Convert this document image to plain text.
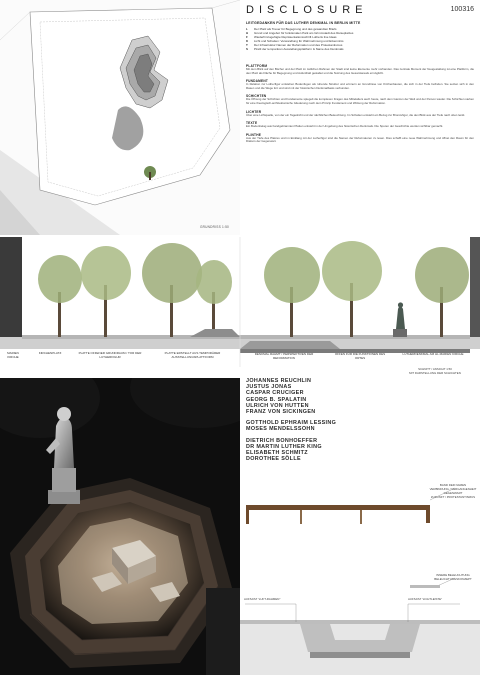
GRUNDRISS 1:50
DISCLOSURE	100316
LEITGEDANKEN FÜR DAS LUTHER DENKMAL IN BERLIN MITTE
L	Der Platz als Treuer für Begegnung und des gewandten Briefs
H	Grund und Angebot für funktionalen Park am Grimmstadt des Reiseplatzes
F	Wiederhinzugefügte Repräsentationsschrift Lutheris line Ideas
K	Licht und Schatten: Verwandlung für Wahrnehmung und Erkenntnis
T	Der Infrastruktur Namen der Reformation und des Protestantismus
S	Pirelli der temporären Ausstellungsplattform & Name des Denkmals
PLATTFORM

Mit dem Blick auf den Bücher und der Platz im östlichen Rahmen der Stadt sind keine Elemente mehr vorhanden. Das zentrale Moment der Neugestaltung ist eine Plattform, die den Platz als Fläche für Begegnung und Aufenthalt gestaltet und die Nutzung des Gesamtareals ermöglicht.

FUNDAMENT

In Relation zur Lutherfigur entstehen Bodenfugen als ruhende Struktur und erinnern an Grundrisse von Kirchenbauten, die sich in der Tiefe befinden. Sie setzen sich in den Rasen und die Wege fort und sind mit der historischen Denkmalbasis verbunden.

SCHICHTEN

Die Öffnung der Schichten und Fundamente spiegelt die komplexen Fragen des Mittelalters auch heute, nach dem Ganzen der Welt und der Person wieder. Die Schichten stehen für eine theologisch-architektonische Gliederung nach dem Prinzip Fundament und Wirkung der Reformation.

LICHTER

Über eine Lichtquelle, von der ein Tageslicht und der nächtlichen Beleuchtung. Im Schatten entsteht ein Bezug zur Bronzefigur, die den Blick aus der Tiefe nach oben lenkt.

TEXTE

Ein Bodenbelag aus handgebrannten Platten entsteht in der Umgebung des historischen Denkmals. Die Spuren der Geschichte werden sichtbar gemacht.

PLINTHE

Aus der Tiefe des Platzes und im Einklang mit der Lutherfigur sind die Namen der Reformatoren zu lesen. Dies schafft eine neue Wahrnehmung und öffnet den Raum für den Diskurs der Gegenwart.

MARIEN KIRCHE
KIRCHENPLATZ	PLATTE OFFENER GRUNDRAUM / TOR DER LUTHERFIGUR
PLATTE ERSTELLT AUS TEMPORÄRER AUSSTELLUNGSPLATTFORM
DENKMAL RAHMT / PERSPEKTIVEN DER REFORMATION
OFFEN FÜR DIE FUNKTIONEN DES ORTES
LUTHERDENKMAL AM HL.MARIEN KIRCHE
SCHNITT / ANSICHT 1:50
MIT DARSTELLUNG DER SCHICHTEN
JOHANNES REUCHLIN
JUSTUS JONAS
CASPAR CRUCIGER
GEORG B. SPALATIN
ULRICH VON HUTTEN
FRANZ VON SICKINGEN
GOTTHOLD EPHRAIM LESSING
MOSES MENDELSSOHN
DIETRICH BONHOEFFER
DR MARTIN LUTHER KING
ELISABETH SCHMITZ
DOROTHEE SÖLLE
BAND DER NAMEN
VERBINDUNG / VERGANGENHEIT
GEGENWART
ZUKUNFT / PROTESTANTISMUS
INNERE BELEUCHTUNG
BELEUCHTUNGSKONZEPT
AUFSATZ "LUFT-RAHMEN"	AUFSATZ "LICHTLEISTE"
